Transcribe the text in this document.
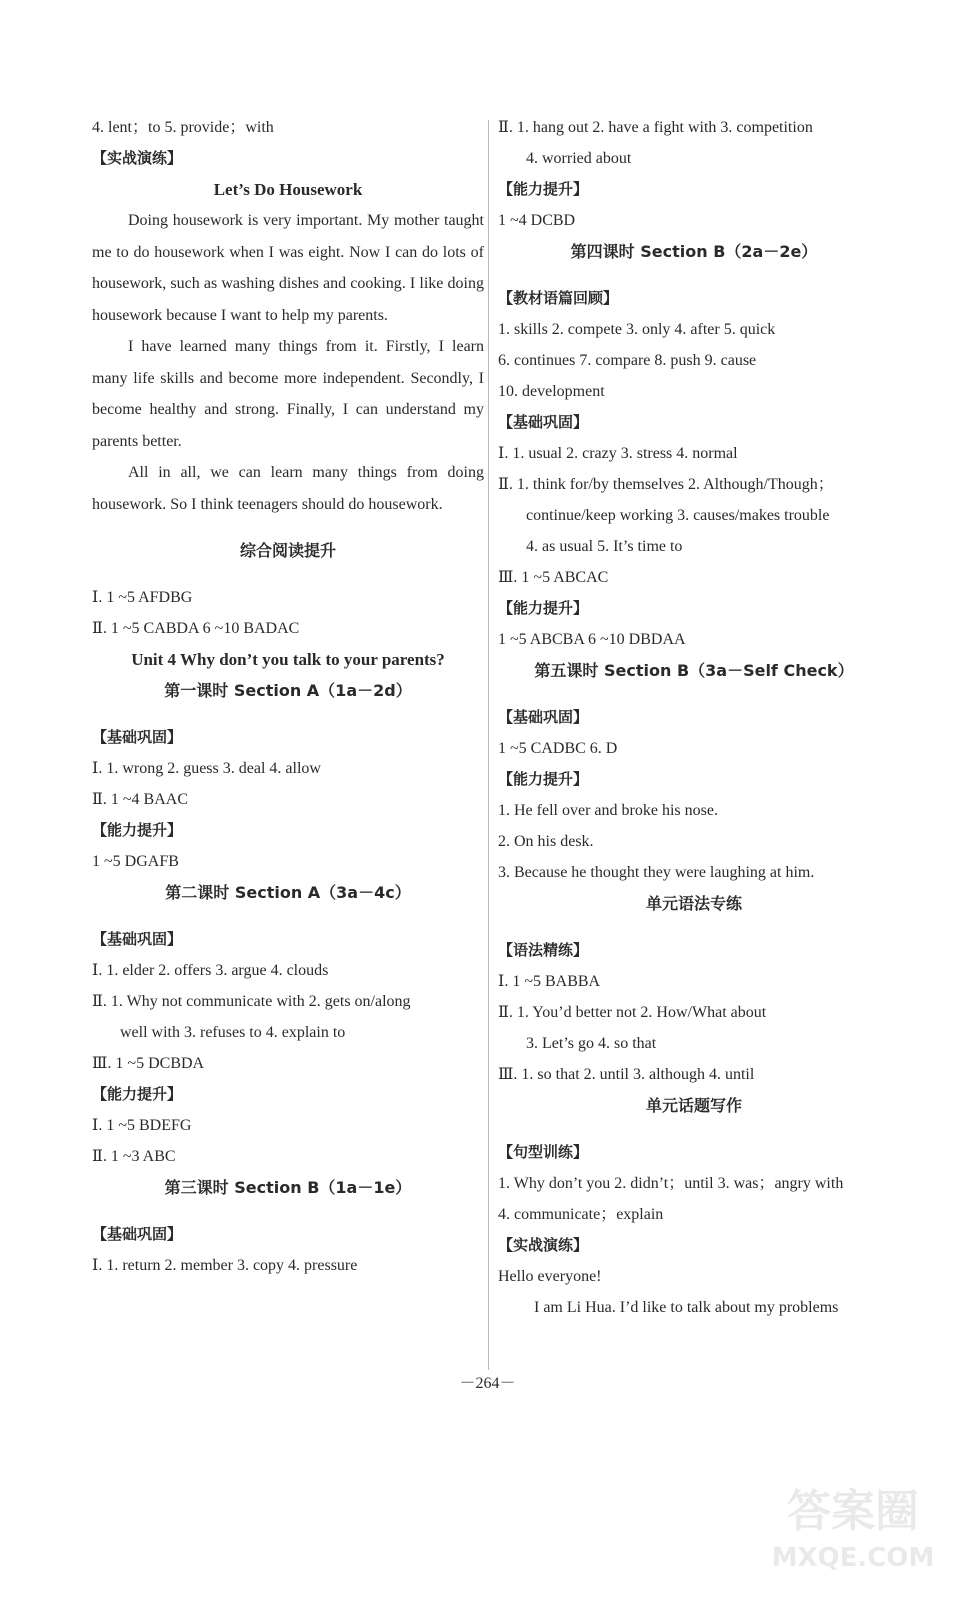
4. lent；to 5. provide；with
【实战演练】
Let’s Do Housework

Doing housework is very important. My mother taught me to do housework when I was eight. Now I can do lots of housework, such as washing dishes and cooking. I like doing housework because I want to help my parents.

I have learned many things from it. Firstly, I learn many life skills and become more independent. Secondly, I become healthy and strong. Finally, I can understand my parents better.

All in all, we can learn many things from doing housework. So I think teenagers should do housework.

综合阅读提升
Ⅰ. 1 ~5 AFDBG
Ⅱ. 1 ~5 CABDA 6 ~10 BADAC
Unit 4 Why don’t you talk to your parents?
第一课时 Section A（1a－2d）
【基础巩固】
Ⅰ. 1. wrong 2. guess 3. deal 4. allow
Ⅱ. 1 ~4 BAAC
【能力提升】
1 ~5 DGAFB
第二课时 Section A（3a－4c）
【基础巩固】
Ⅰ. 1. elder 2. offers 3. argue 4. clouds
Ⅱ. 1. Why not communicate with 2. gets on/along
well with 3. refuses to 4. explain to
Ⅲ. 1 ~5 DCBDA
【能力提升】
Ⅰ. 1 ~5 BDEFG
Ⅱ. 1 ~3 ABC
第三课时 Section B（1a－1e）
【基础巩固】
Ⅰ. 1. return 2. member 3. copy 4. pressure
Ⅱ. 1. hang out 2. have a fight with 3. competition
4. worried about
【能力提升】
1 ~4 DCBD
第四课时 Section B（2a－2e）
【教材语篇回顾】
1. skills 2. compete 3. only 4. after 5. quick
6. continues 7. compare 8. push 9. cause
10. development
【基础巩固】
Ⅰ. 1. usual 2. crazy 3. stress 4. normal
Ⅱ. 1. think for/by themselves 2. Although/Though；
continue/keep working 3. causes/makes trouble
4. as usual 5. It’s time to
Ⅲ. 1 ~5 ABCAC
【能力提升】
1 ~5 ABCBA 6 ~10 DBDAA
第五课时 Section B（3a－Self Check）
【基础巩固】
1 ~5 CADBC 6. D
【能力提升】
1. He fell over and broke his nose.
2. On his desk.
3. Because he thought they were laughing at him.
单元语法专练
【语法精练】
Ⅰ. 1 ~5 BABBA
Ⅱ. 1. You’d better not 2. How/What about
3. Let’s go 4. so that
Ⅲ. 1. so that 2. until 3. although 4. until
单元话题写作
【句型训练】
1. Why don’t you 2. didn’t；until 3. was；angry with
4. communicate；explain
【实战演练】
Hello everyone!
I am Li Hua. I’d like to talk about my problems
－264－
答案圈
MXQE.COM
